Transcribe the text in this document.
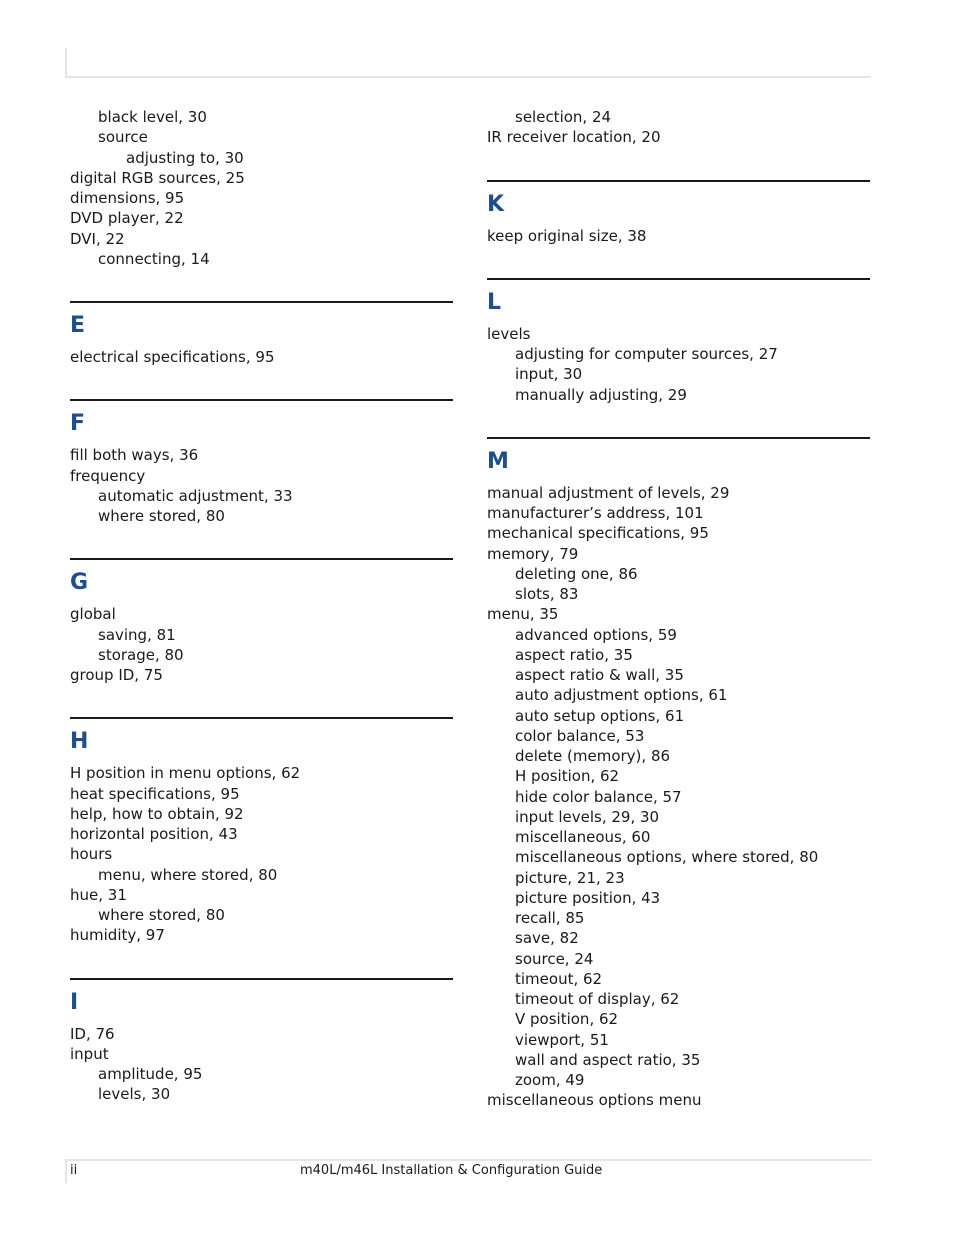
black level, 30
source
adjusting to, 30
digital RGB sources, 25
dimensions, 95
DVD player, 22
DVI, 22
connecting, 14
E
electrical specifications, 95
F
fill both ways, 36
frequency
automatic adjustment, 33
where stored, 80
G
global
saving, 81
storage, 80
group ID, 75
H
H position in menu options, 62
heat specifications, 95
help, how to obtain, 92
horizontal position, 43
hours
menu, where stored, 80
hue, 31
where stored, 80
humidity, 97
I
ID, 76
input
amplitude, 95
levels, 30
selection, 24
IR receiver location, 20
K
keep original size, 38
L
levels
adjusting for computer sources, 27
input, 30
manually adjusting, 29
M
manual adjustment of levels, 29
manufacturer’s address, 101
mechanical specifications, 95
memory, 79
deleting one, 86
slots, 83
menu, 35
advanced options, 59
aspect ratio, 35
aspect ratio & wall, 35
auto adjustment options, 61
auto setup options, 61
color balance, 53
delete (memory), 86
H position, 62
hide color balance, 57
input levels, 29, 30
miscellaneous, 60
miscellaneous options, where stored, 80
picture, 21, 23
picture position, 43
recall, 85
save, 82
source, 24
timeout, 62
timeout of display, 62
V position, 62
viewport, 51
wall and aspect ratio, 35
zoom, 49
miscellaneous options menu
ii	m40L/m46L Installation & Configuration Guide
